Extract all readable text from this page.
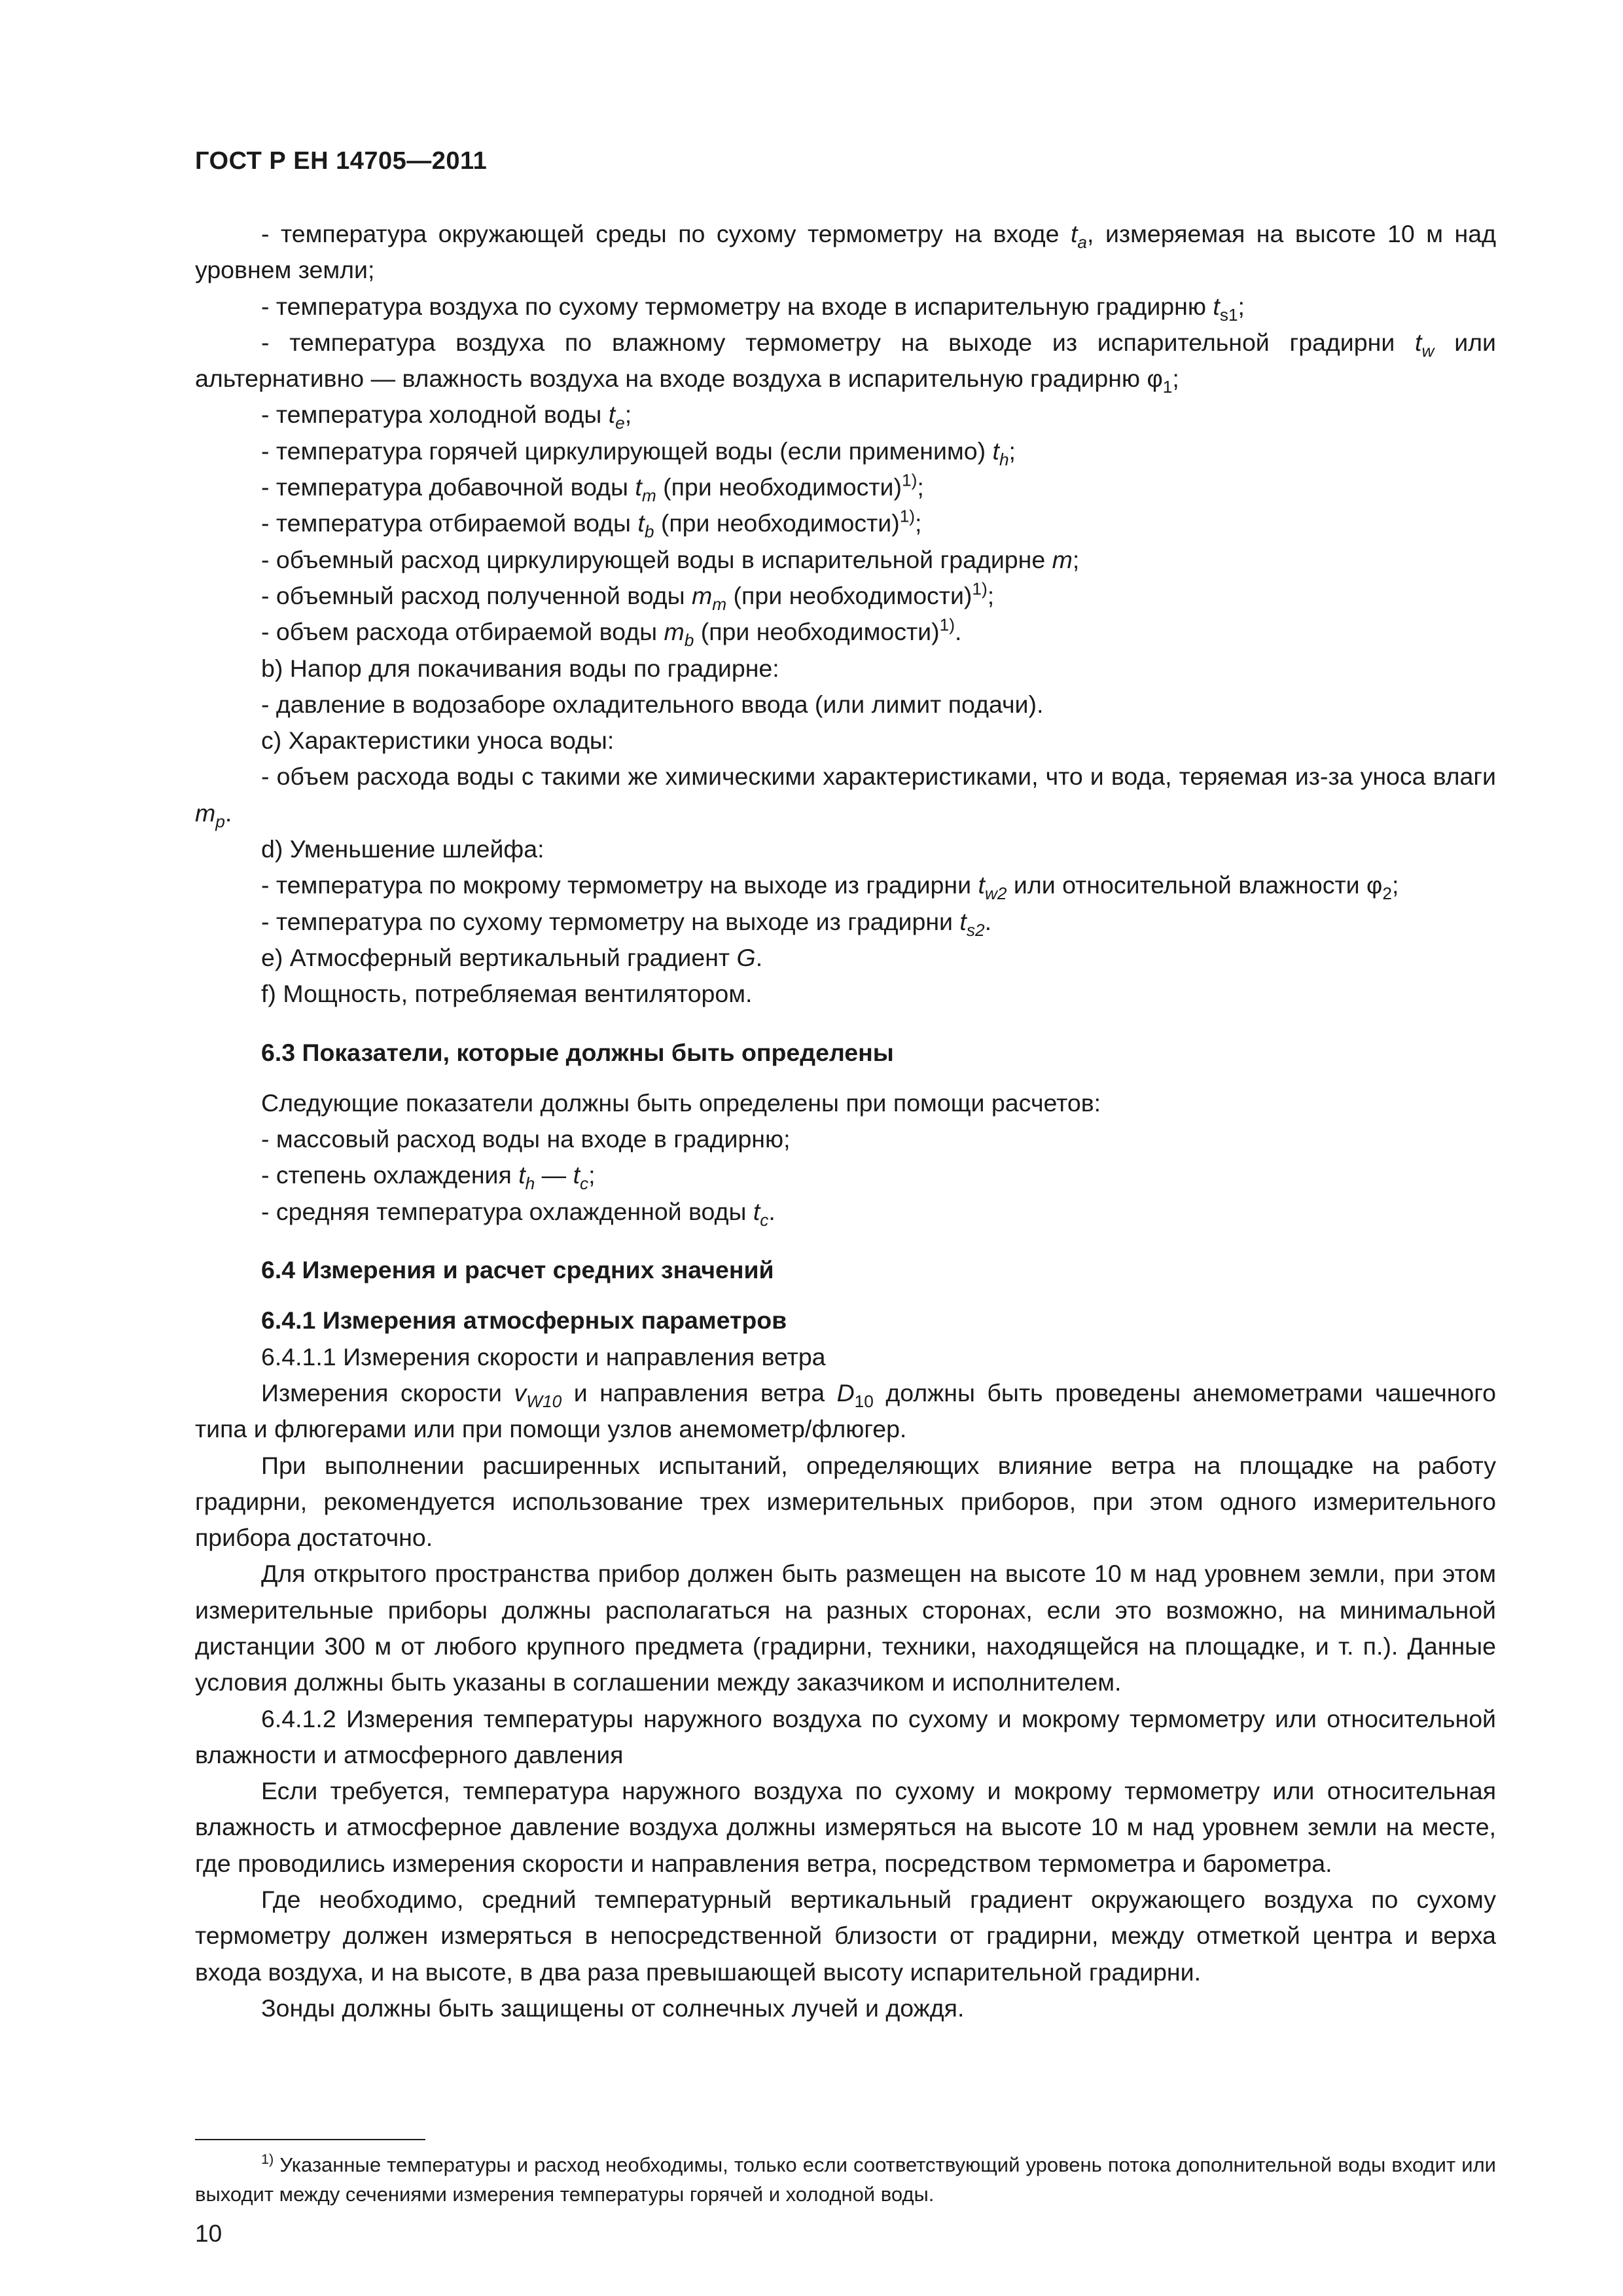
ГОСТ Р ЕН 14705—2011

- температура окружающей среды по сухому термометру на входе $t_a$, измеряемая на высоте 10 м над уровнем земли;

- температура воздуха по сухому термометру на входе в испарительную градирню $t_{s1}$;

- температура воздуха по влажному термометру на выходе из испарительной градирни $t_w$ или альтернативно — влажность воздуха на входе воздуха в испарительную градирню $\varphi_1$;

- температура холодной воды $t_e$;

- температура горячей циркулирующей воды (если применимо) $t_h$;

- температура добавочной воды $t_m$ (при необходимости)$^{1)}$;

- температура отбираемой воды $t_b$ (при необходимости)$^{1)}$;

- объемный расход циркулирующей воды в испарительной градирне m;

- объемный расход полученной воды $m_m$ (при необходимости)$^{1)}$;

- объем расхода отбираемой воды $m_b$ (при необходимости)$^{1)}$.

b) Напор для покачивания воды по градирне:

- давление в водозаборе охладительного ввода (или лимит подачи).

c) Характеристики уноса воды:

- объем расхода воды с такими же химическими характеристиками, что и вода, теряемая из-за уноса влаги $m_p$.

d) Уменьшение шлейфа:

- температура по мокрому термометру на выходе из градирни $t_{w2}$ или относительной влажности $\varphi_2$;

- температура по сухому термометру на выходе из градирни $t_{s2}$.

e) Атмосферный вертикальный градиент G.

f) Мощность, потребляемая вентилятором.

6.3 Показатели, которые должны быть определены

Следующие показатели должны быть определены при помощи расчетов:

- массовый расход воды на входе в градирню;

- степень охлаждения $t_h$ — $t_c$;

- средняя температура охлажденной воды $t_c$.

6.4 Измерения и расчет средних значений

6.4.1 Измерения атмосферных параметров

6.4.1.1 Измерения скорости и направления ветра

Измерения скорости $v_{W10}$ и направления ветра $D_{10}$ должны быть проведены анемометрами чашечного типа и флюгерами или при помощи узлов анемометр/флюгер.

При выполнении расширенных испытаний, определяющих влияние ветра на площадке на работу градирни, рекомендуется использование трех измерительных приборов, при этом одного измерительного прибора достаточно.

Для открытого пространства прибор должен быть размещен на высоте 10 м над уровнем земли, при этом измерительные приборы должны располагаться на разных сторонах, если это возможно, на минимальной дистанции 300 м от любого крупного предмета (градирни, техники, находящейся на площадке, и т. п.). Данные условия должны быть указаны в соглашении между заказчиком и исполнителем.

6.4.1.2 Измерения температуры наружного воздуха по сухому и мокрому термометру или относительной влажности и атмосферного давления

Если требуется, температура наружного воздуха по сухому и мокрому термометру или относительная влажность и атмосферное давление воздуха должны измеряться на высоте 10 м над уровнем земли на месте, где проводились измерения скорости и направления ветра, посредством термометра и барометра.

Где необходимо, средний температурный вертикальный градиент окружающего воздуха по сухому термометру должен измеряться в непосредственной близости от градирни, между отметкой центра и верха входа воздуха, и на высоте, в два раза превышающей высоту испарительной градирни.

Зонды должны быть защищены от солнечных лучей и дождя.

$^{1)}$ Указанные температуры и расход необходимы, только если соответствующий уровень потока дополнительной воды входит или выходит между сечениями измерения температуры горячей и холодной воды.

10
